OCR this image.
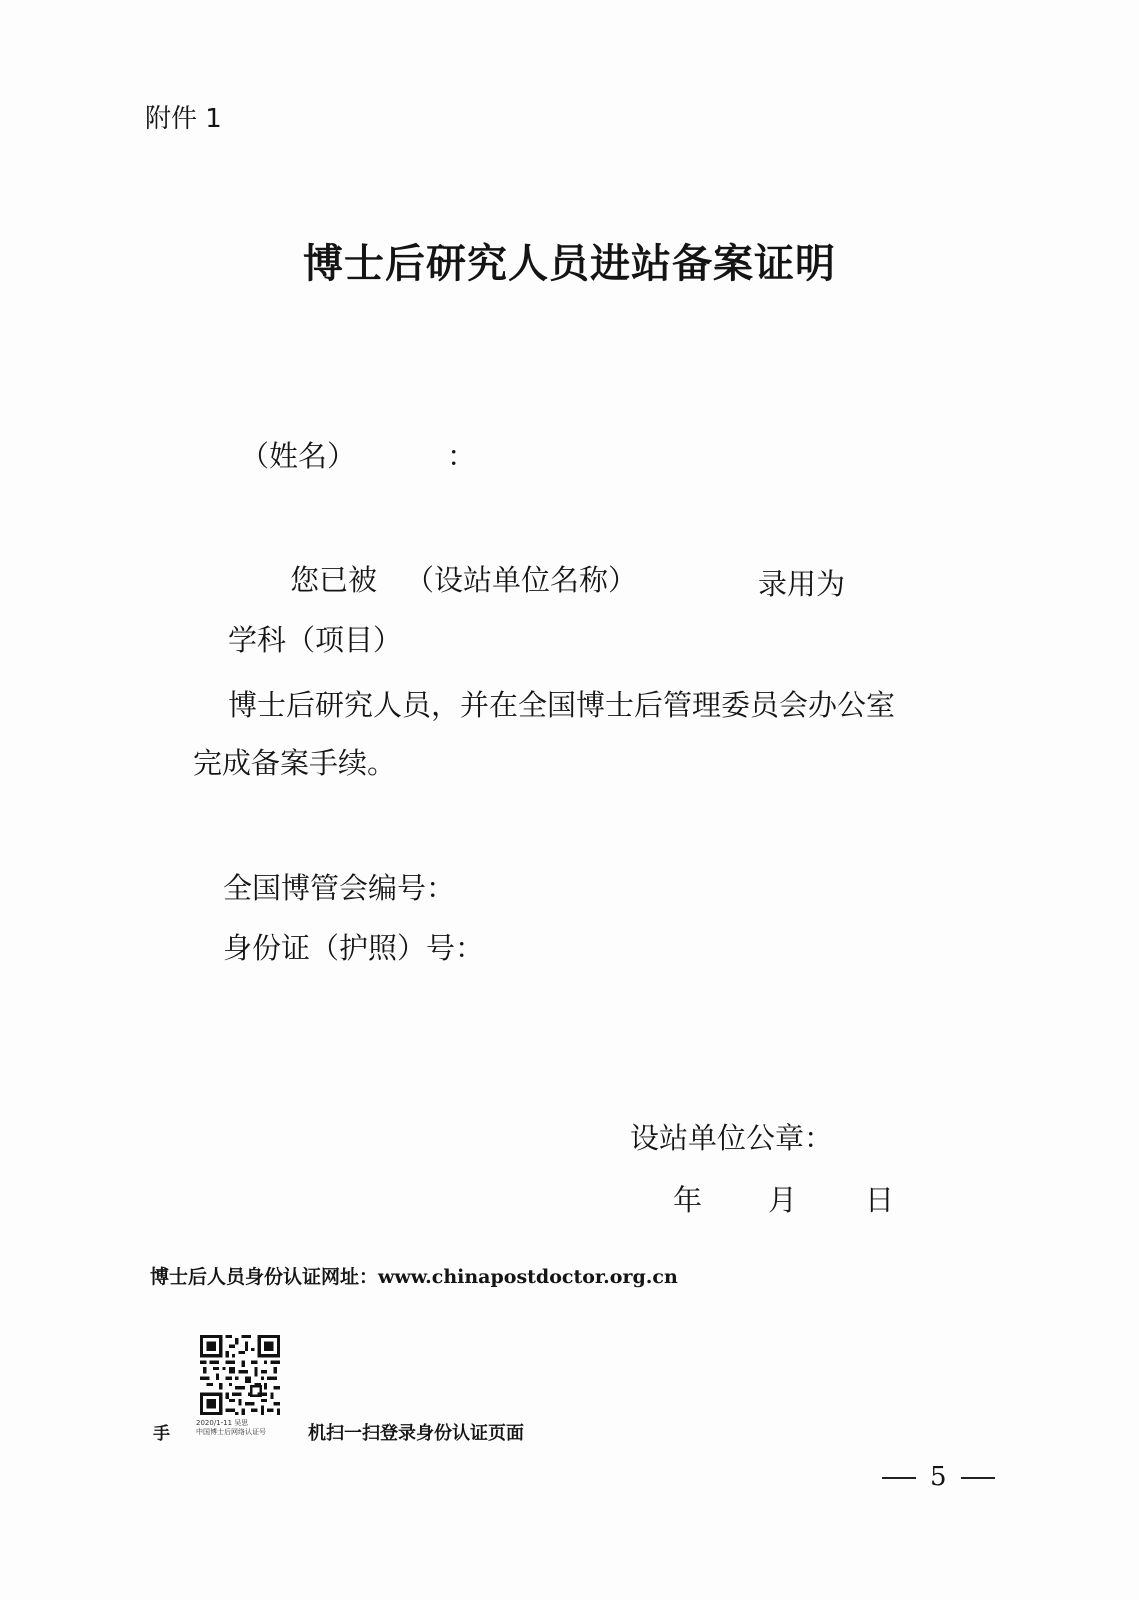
附件 1
博士后研究人员进站备案证明
（姓名）	：
您已被 （设站单位名称）	录用为
学科（项目）
博士后研究人员，并在全国博士后管理委员会办公室
完成备案手续。
全国博管会编号：
身份证（护照）号：
设站单位公章：
年 月 日
博士后人员身份认证网址：www.chinapostdoctor.org.cn
2020/1-11 吴思
中国博士后网络认证号
手	机扫一扫登录身份认证页面
5
